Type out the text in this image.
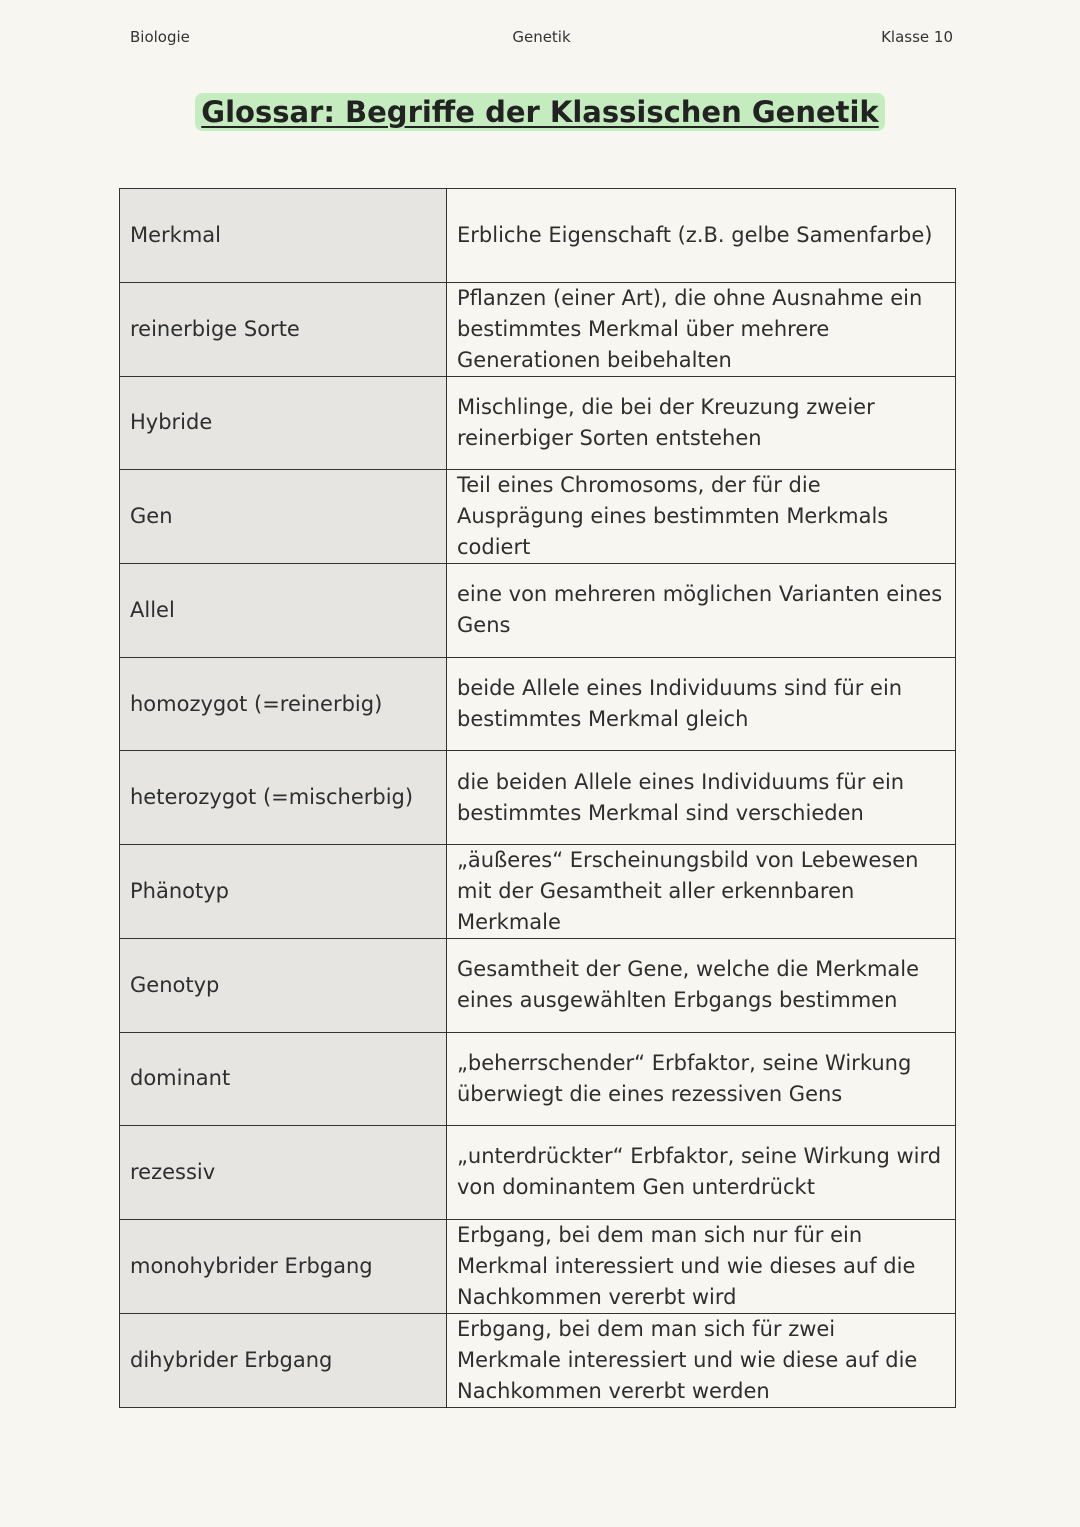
Biologie	Genetik	Klasse 10
Glossar: Begriffe der Klassischen Genetik
Merkmal	Erbliche Eigenschaft (z.B. gelbe Samenfarbe)
reinerbige Sorte	Pflanzen (einer Art), die ohne Ausnahme ein bestimmtes Merkmal über mehrere Generationen beibehalten
Hybride	Mischlinge, die bei der Kreuzung zweier reinerbiger Sorten entstehen
Gen	Teil eines Chromosoms, der für die Ausprägung eines bestimmten Merkmals codiert
Allel	eine von mehreren möglichen Varianten eines Gens
homozygot (=reinerbig)	beide Allele eines Individuums sind für ein bestimmtes Merkmal gleich
heterozygot (=mischerbig)	die beiden Allele eines Individuums für ein bestimmtes Merkmal sind verschieden
Phänotyp	„äußeres“ Erscheinungsbild von Lebewesen mit der Gesamtheit aller erkennbaren Merkmale
Genotyp	Gesamtheit der Gene, welche die Merkmale eines ausgewählten Erbgangs bestimmen
dominant	„beherrschender“ Erbfaktor, seine Wirkung überwiegt die eines rezessiven Gens
rezessiv	„unterdrückter“ Erbfaktor, seine Wirkung wird von dominantem Gen unterdrückt
monohybrider Erbgang	Erbgang, bei dem man sich nur für ein Merkmal interessiert und wie dieses auf die Nachkommen vererbt wird
dihybrider Erbgang	Erbgang, bei dem man sich für zwei Merkmale interessiert und wie diese auf die Nachkommen vererbt werden
